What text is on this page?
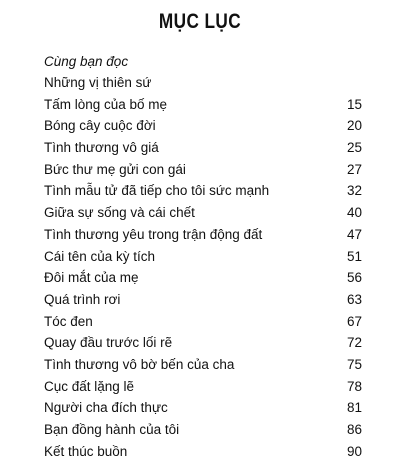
MỤC LỤC
Cùng bạn đọc
Những vị thiên sứ
Tấm lòng của bố mẹ	15
Bóng cây cuộc đời	20
Tình thương vô giá	25
Bức thư mẹ gửi con gái	27
Tình mẫu tử đã tiếp cho tôi sức mạnh	32
Giữa sự sống và cái chết	40
Tình thương yêu trong trận động đất	47
Cái tên của kỳ tích	51
Đôi mắt của mẹ	56
Quá trình rơi	63
Tóc đen	67
Quay đầu trước lối rẽ	72
Tình thương vô bờ bến của cha	75
Cục đất lặng lẽ	78
Người cha đích thực	81
Bạn đồng hành của tôi	86
Kết thúc buồn	90
